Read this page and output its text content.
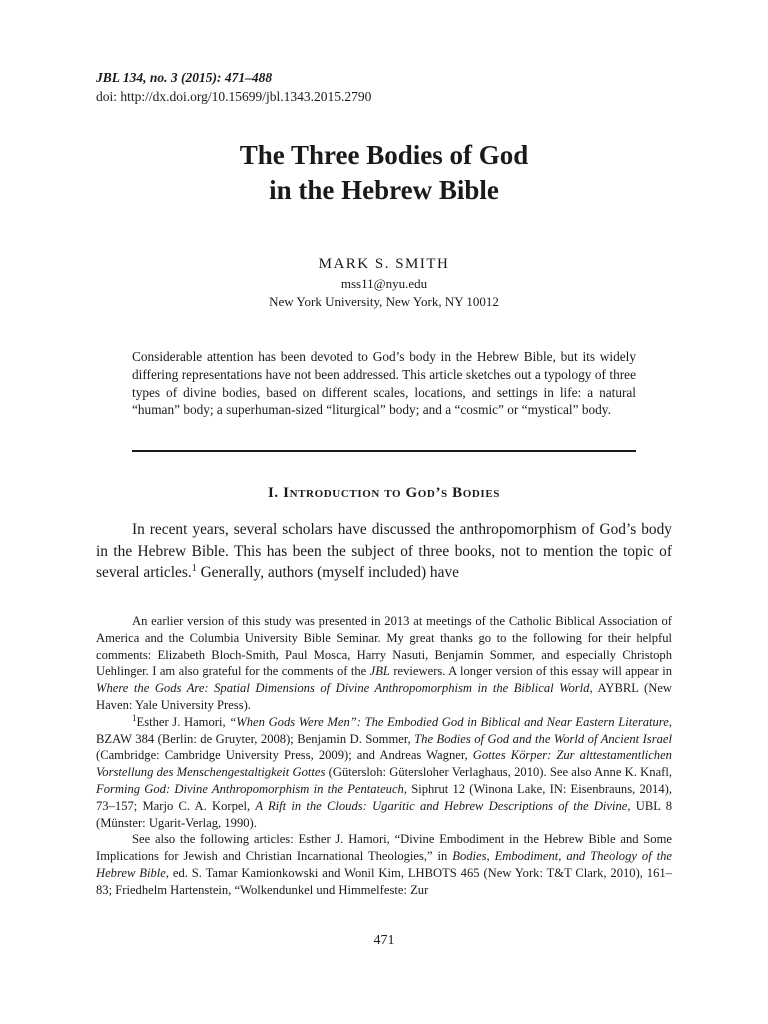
JBL 134, no. 3 (2015): 471–488
doi: http://dx.doi.org/10.15699/jbl.1343.2015.2790
The Three Bodies of God
in the Hebrew Bible
MARK S. SMITH
mss11@nyu.edu
New York University, New York, NY 10012
Considerable attention has been devoted to God’s body in the Hebrew Bible, but its widely differing representations have not been addressed. This article sketches out a typology of three types of divine bodies, based on different scales, locations, and settings in life: a natural “human” body; a superhuman-sized “liturgical” body; and a “cosmic” or “mystical” body.
I. Introduction to God’s Bodies
In recent years, several scholars have discussed the anthropomorphism of God’s body in the Hebrew Bible. This has been the subject of three books, not to mention the topic of several articles.$^1$ Generally, authors (myself included) have

An earlier version of this study was presented in 2013 at meetings of the Catholic Biblical Association of America and the Columbia University Bible Seminar. My great thanks go to the following for their helpful comments: Elizabeth Bloch-Smith, Paul Mosca, Harry Nasuti, Benjamin Sommer, and especially Christoph Uehlinger. I am also grateful for the comments of the JBL reviewers. A longer version of this essay will appear in Where the Gods Are: Spatial Dimensions of Divine Anthropomorphism in the Biblical World, AYBRL (New Haven: Yale University Press).

$^1$Esther J. Hamori, “When Gods Were Men”: The Embodied God in Biblical and Near Eastern Literature, BZAW 384 (Berlin: de Gruyter, 2008); Benjamin D. Sommer, The Bodies of God and the World of Ancient Israel (Cambridge: Cambridge University Press, 2009); and Andreas Wagner, Gottes Körper: Zur alttestamentlichen Vorstellung des Menschengestaltigkeit Gottes (Gütersloh: Gütersloher Verlaghaus, 2010). See also Anne K. Knafl, Forming God: Divine Anthropomorphism in the Pentateuch, Siphrut 12 (Winona Lake, IN: Eisenbrauns, 2014), 73–157; Marjo C. A. Korpel, A Rift in the Clouds: Ugaritic and Hebrew Descriptions of the Divine, UBL 8 (Münster: Ugarit-Verlag, 1990).

See also the following articles: Esther J. Hamori, “Divine Embodiment in the Hebrew Bible and Some Implications for Jewish and Christian Incarnational Theologies,” in Bodies, Embodiment, and Theology of the Hebrew Bible, ed. S. Tamar Kamionkowski and Wonil Kim, LHBOTS 465 (New York: T&T Clark, 2010), 161–83; Friedhelm Hartenstein, “Wolkendunkel und Himmelfeste: Zur

471
